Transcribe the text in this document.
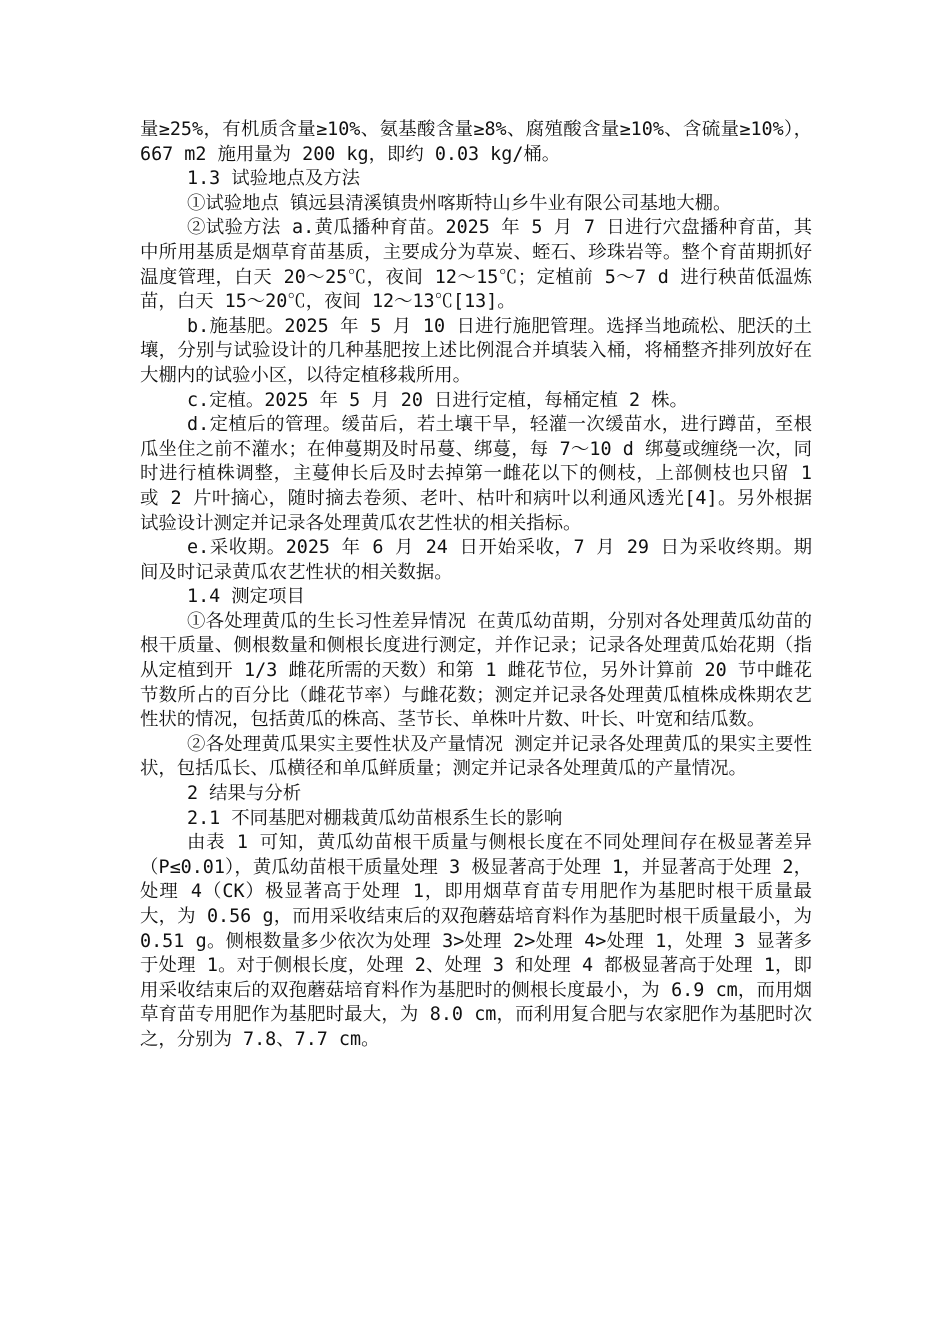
量≥25%，有机质含量≥10%、氨基酸含量≥8%、腐殖酸含量≥10%、含硫量≥10%），667 m2 施用量为 200 kg，即约 0.03 kg/桶。

1.3 试验地点及方法

①试验地点 镇远县清溪镇贵州喀斯特山乡牛业有限公司基地大棚。

②试验方法 a.黄瓜播种育苗。2025 年 5 月 7 日进行穴盘播种育苗，其中所用基质是烟草育苗基质，主要成分为草炭、蛭石、珍珠岩等。整个育苗期抓好温度管理，白天 20～25℃，夜间 12～15℃；定植前 5～7 d 进行秧苗低温炼苗，白天 15～20℃，夜间 12～13℃[13]。

b.施基肥。2025 年 5 月 10 日进行施肥管理。选择当地疏松、肥沃的土壤，分别与试验设计的几种基肥按上述比例混合并填装入桶，将桶整齐排列放好在大棚内的试验小区，以待定植移栽所用。

c.定植。2025 年 5 月 20 日进行定植，每桶定植 2 株。

d.定植后的管理。缓苗后，若土壤干旱，轻灌一次缓苗水，进行蹲苗，至根瓜坐住之前不灌水；在伸蔓期及时吊蔓、绑蔓，每 7～10 d 绑蔓或缠绕一次，同时进行植株调整，主蔓伸长后及时去掉第一雌花以下的侧枝，上部侧枝也只留 1 或 2 片叶摘心，随时摘去卷须、老叶、枯叶和病叶以利通风透光[4]。另外根据试验设计测定并记录各处理黄瓜农艺性状的相关指标。

e.采收期。2025 年 6 月 24 日开始采收，7 月 29 日为采收终期。期间及时记录黄瓜农艺性状的相关数据。

1.4 测定项目

①各处理黄瓜的生长习性差异情况 在黄瓜幼苗期，分别对各处理黄瓜幼苗的根干质量、侧根数量和侧根长度进行测定，并作记录；记录各处理黄瓜始花期（指从定植到开 1/3 雌花所需的天数）和第 1 雌花节位，另外计算前 20 节中雌花节数所占的百分比（雌花节率）与雌花数；测定并记录各处理黄瓜植株成株期农艺性状的情况，包括黄瓜的株高、茎节长、单株叶片数、叶长、叶宽和结瓜数。

②各处理黄瓜果实主要性状及产量情况 测定并记录各处理黄瓜的果实主要性状，包括瓜长、瓜横径和单瓜鲜质量；测定并记录各处理黄瓜的产量情况。

2 结果与分析

2.1 不同基肥对棚栽黄瓜幼苗根系生长的影响

由表 1 可知，黄瓜幼苗根干质量与侧根长度在不同处理间存在极显著差异（P≤0.01），黄瓜幼苗根干质量处理 3 极显著高于处理 1，并显著高于处理 2，处理 4（CK）极显著高于处理 1，即用烟草育苗专用肥作为基肥时根干质量最大，为 0.56 g，而用采收结束后的双孢蘑菇培育料作为基肥时根干质量最小，为 0.51 g。侧根数量多少依次为处理 3>处理 2>处理 4>处理 1，处理 3 显著多于处理 1。对于侧根长度，处理 2、处理 3 和处理 4 都极显著高于处理 1，即用采收结束后的双孢蘑菇培育料作为基肥时的侧根长度最小，为 6.9 cm，而用烟草育苗专用肥作为基肥时最大，为 8.0 cm，而利用复合肥与农家肥作为基肥时次之，分别为 7.8、7.7 cm。
